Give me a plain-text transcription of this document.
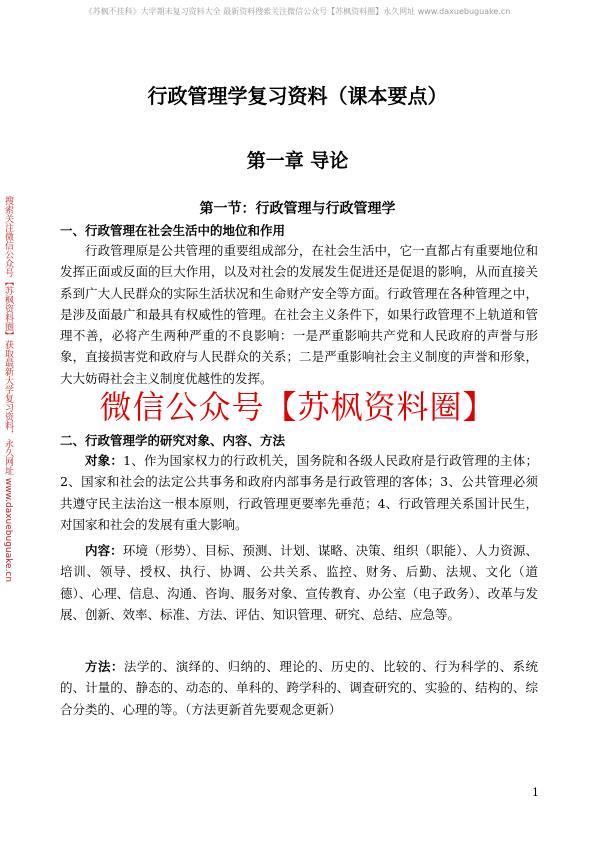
《苏枫不挂科》大学期末复习资料大全 最新资料搜索关注微信公众号【苏枫资料圈】永久网址 www.daxuebuguake.cn
搜索关注微信公众号【苏枫资料圈】获取最新大学复习资料，永久网址 www.daxuebuguake.cn
行政管理学复习资料（课本要点）
第一章 导论
第一节：行政管理与行政管理学
一、行政管理在社会生活中的地位和作用

行政管理原是公共管理的重要组成部分，在社会生活中，它一直都占有重要地位和发挥正面或反面的巨大作用，以及对社会的发展发生促进还是促退的影响，从而直接关系到广大人民群众的实际生活状况和生命财产安全等方面。行政管理在各种管理之中，是涉及面最广和最具有权威性的管理。在社会主义条件下，如果行政管理不上轨道和管理不善，必将产生两种严重的不良影响：一是严重影响共产党和人民政府的声誉与形象，直接损害党和政府与人民群众的关系；二是严重影响社会主义制度的声誉和形象，大大妨碍社会主义制度优越性的发挥。

微信公众号【苏枫资料圈】
二、行政管理学的研究对象、内容、方法

对象：1、作为国家权力的行政机关，国务院和各级人民政府是行政管理的主体；2、国家和社会的法定公共事务和政府内部事务是行政管理的客体；3、公共管理必须共遵守民主法治这一根本原则，行政管理更要率先垂范；4、行政管理关系国计民生，对国家和社会的发展有重大影响。

内容：环境（形势）、目标、预测、计划、谋略、决策、组织（职能）、人力资源、培训、领导、授权、执行、协调、公共关系、监控、财务、后勤、法规、文化（道德）、心理、信息、沟通、咨询、服务对象、宣传教育、办公室（电子政务）、改革与发展、创新、效率、标准、方法、评估、知识管理、研究、总结、应急等。

方法：法学的、演绎的、归纳的、理论的、历史的、比较的、行为科学的、系统的、计量的、静态的、动态的、单科的、跨学科的、调查研究的、实验的、结构的、综合分类的、心理的等。（方法更新首先要观念更新）

1
